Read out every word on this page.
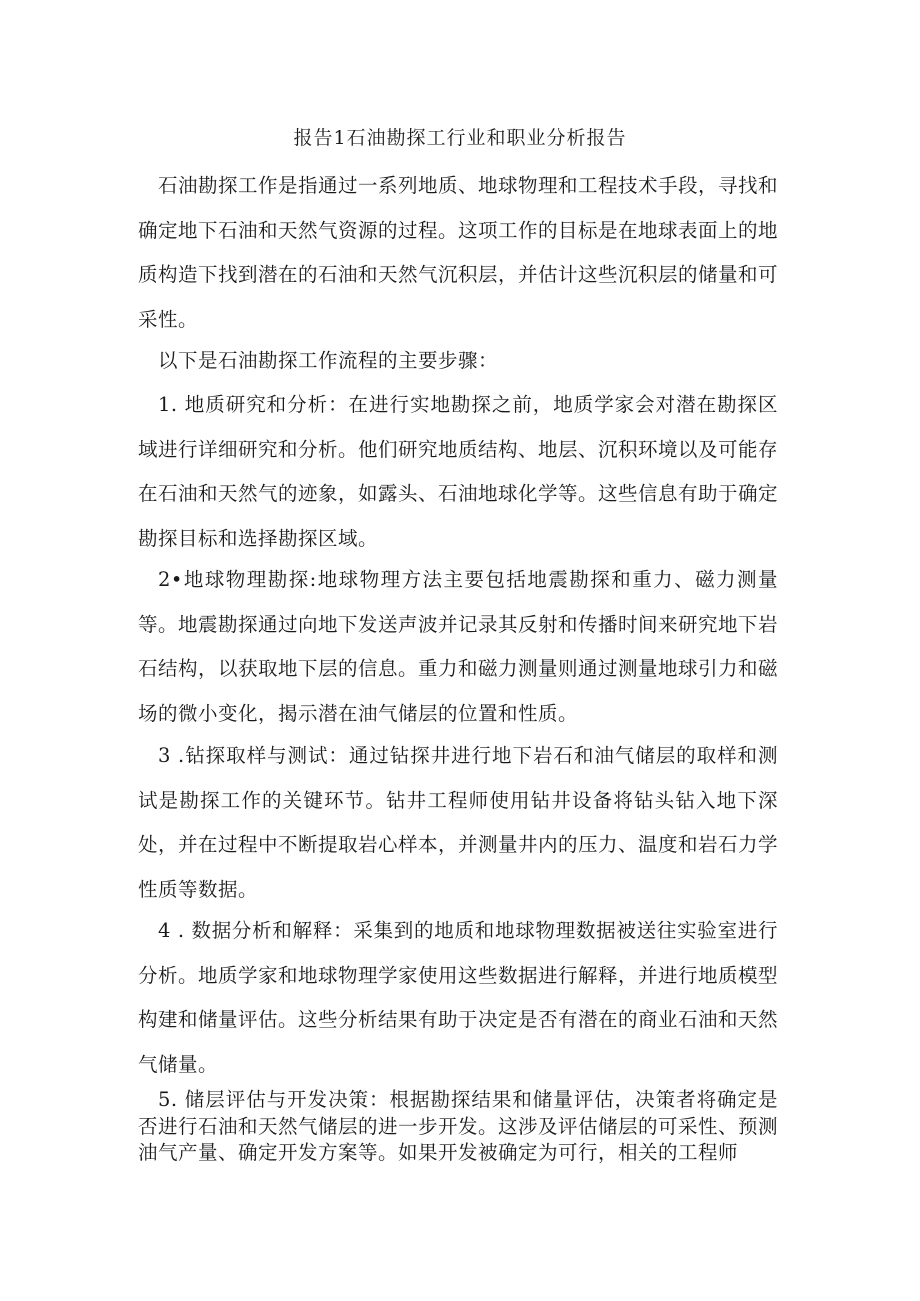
报告1石油勘探工行业和职业分析报告

石油勘探工作是指通过一系列地质、地球物理和工程技术手段，寻找和确定地下石油和天然气资源的过程。这项工作的目标是在地球表面上的地质构造下找到潜在的石油和天然气沉积层，并估计这些沉积层的储量和可采性。

以下是石油勘探工作流程的主要步骤：

1. 地质研究和分析：在进行实地勘探之前，地质学家会对潜在勘探区域进行详细研究和分析。他们研究地质结构、地层、沉积环境以及可能存在石油和天然气的迹象，如露头、石油地球化学等。这些信息有助于确定勘探目标和选择勘探区域。

2•地球物理勘探:地球物理方法主要包括地震勘探和重力、磁力测量等。地震勘探通过向地下发送声波并记录其反射和传播时间来研究地下岩石结构，以获取地下层的信息。重力和磁力测量则通过测量地球引力和磁场的微小变化，揭示潜在油气储层的位置和性质。

3 .钻探取样与测试：通过钻探井进行地下岩石和油气储层的取样和测试是勘探工作的关键环节。钻井工程师使用钻井设备将钻头钻入地下深处，并在过程中不断提取岩心样本，并测量井内的压力、温度和岩石力学性质等数据。

4 . 数据分析和解释：采集到的地质和地球物理数据被送往实验室进行分析。地质学家和地球物理学家使用这些数据进行解释，并进行地质模型构建和储量评估。这些分析结果有助于决定是否有潜在的商业石油和天然气储量。

5. 储层评估与开发决策：根据勘探结果和储量评估，决策者将确定是否进行石油和天然气储层的进一步开发。这涉及评估储层的可采性、预测油气产量、确定开发方案等。如果开发被确定为可行，相关的工程师
